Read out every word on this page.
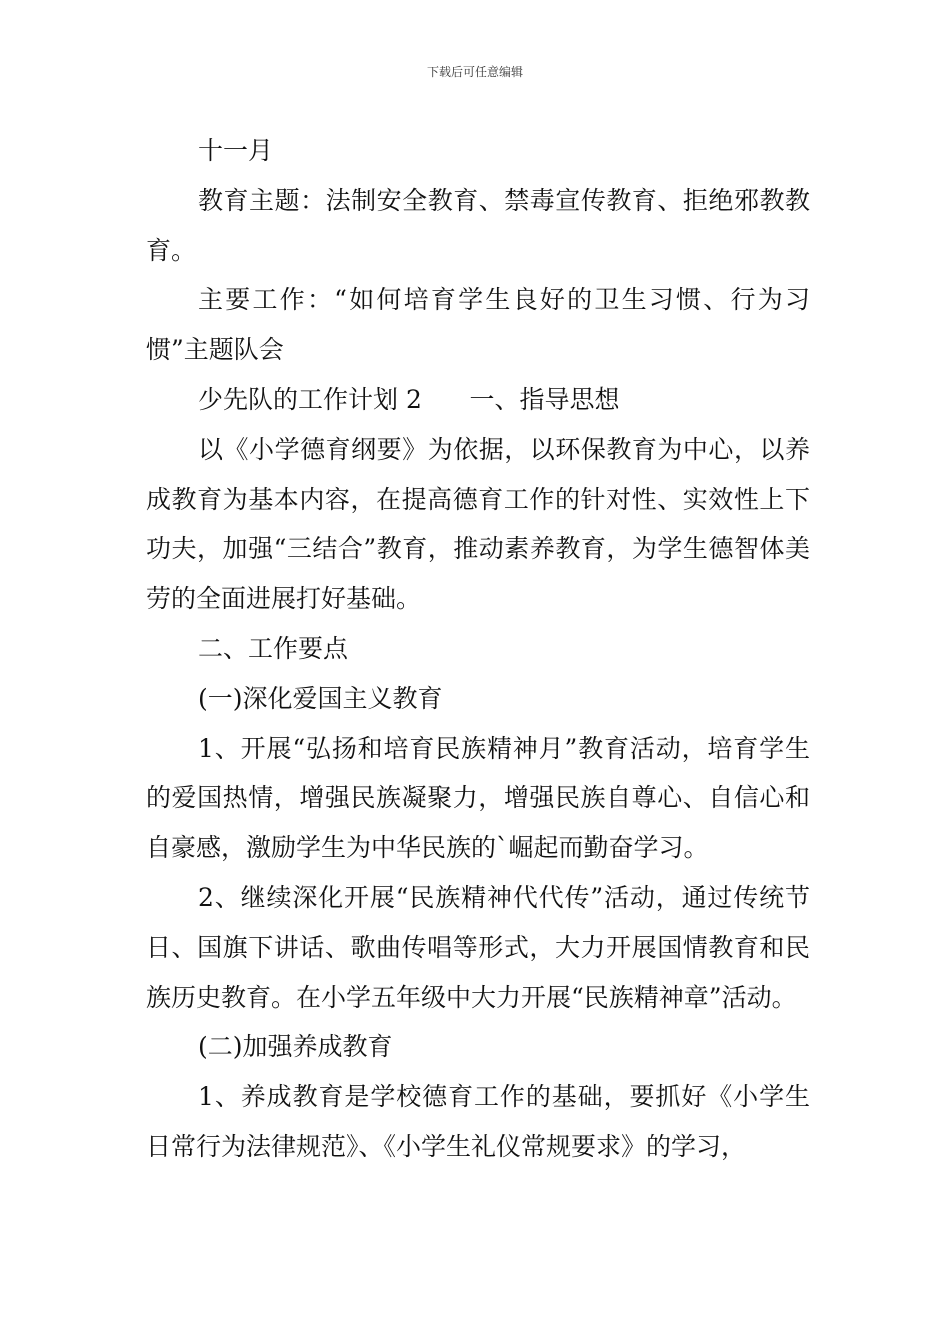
下载后可任意编辑

十一月

教育主题：法制安全教育、禁毒宣传教育、拒绝邪教教育。

主要工作：“如何培育学生良好的卫生习惯、行为习惯”主题队会

少先队的工作计划 2      一、指导思想

以《小学德育纲要》为依据，以环保教育为中心，以养成教育为基本内容，在提高德育工作的针对性、实效性上下功夫，加强“三结合”教育，推动素养教育，为学生德智体美劳的全面进展打好基础。

二、工作要点

(一)深化爱国主义教育

1、开展“弘扬和培育民族精神月”教育活动，培育学生的爱国热情，增强民族凝聚力，增强民族自尊心、自信心和自豪感，激励学生为中华民族的`崛起而勤奋学习。

2、继续深化开展“民族精神代代传”活动，通过传统节日、国旗下讲话、歌曲传唱等形式，大力开展国情教育和民族历史教育。在小学五年级中大力开展“民族精神章”活动。

(二)加强养成教育

1、养成教育是学校德育工作的基础，要抓好《小学生日常行为法律规范》、《小学生礼仪常规要求》的学习，
